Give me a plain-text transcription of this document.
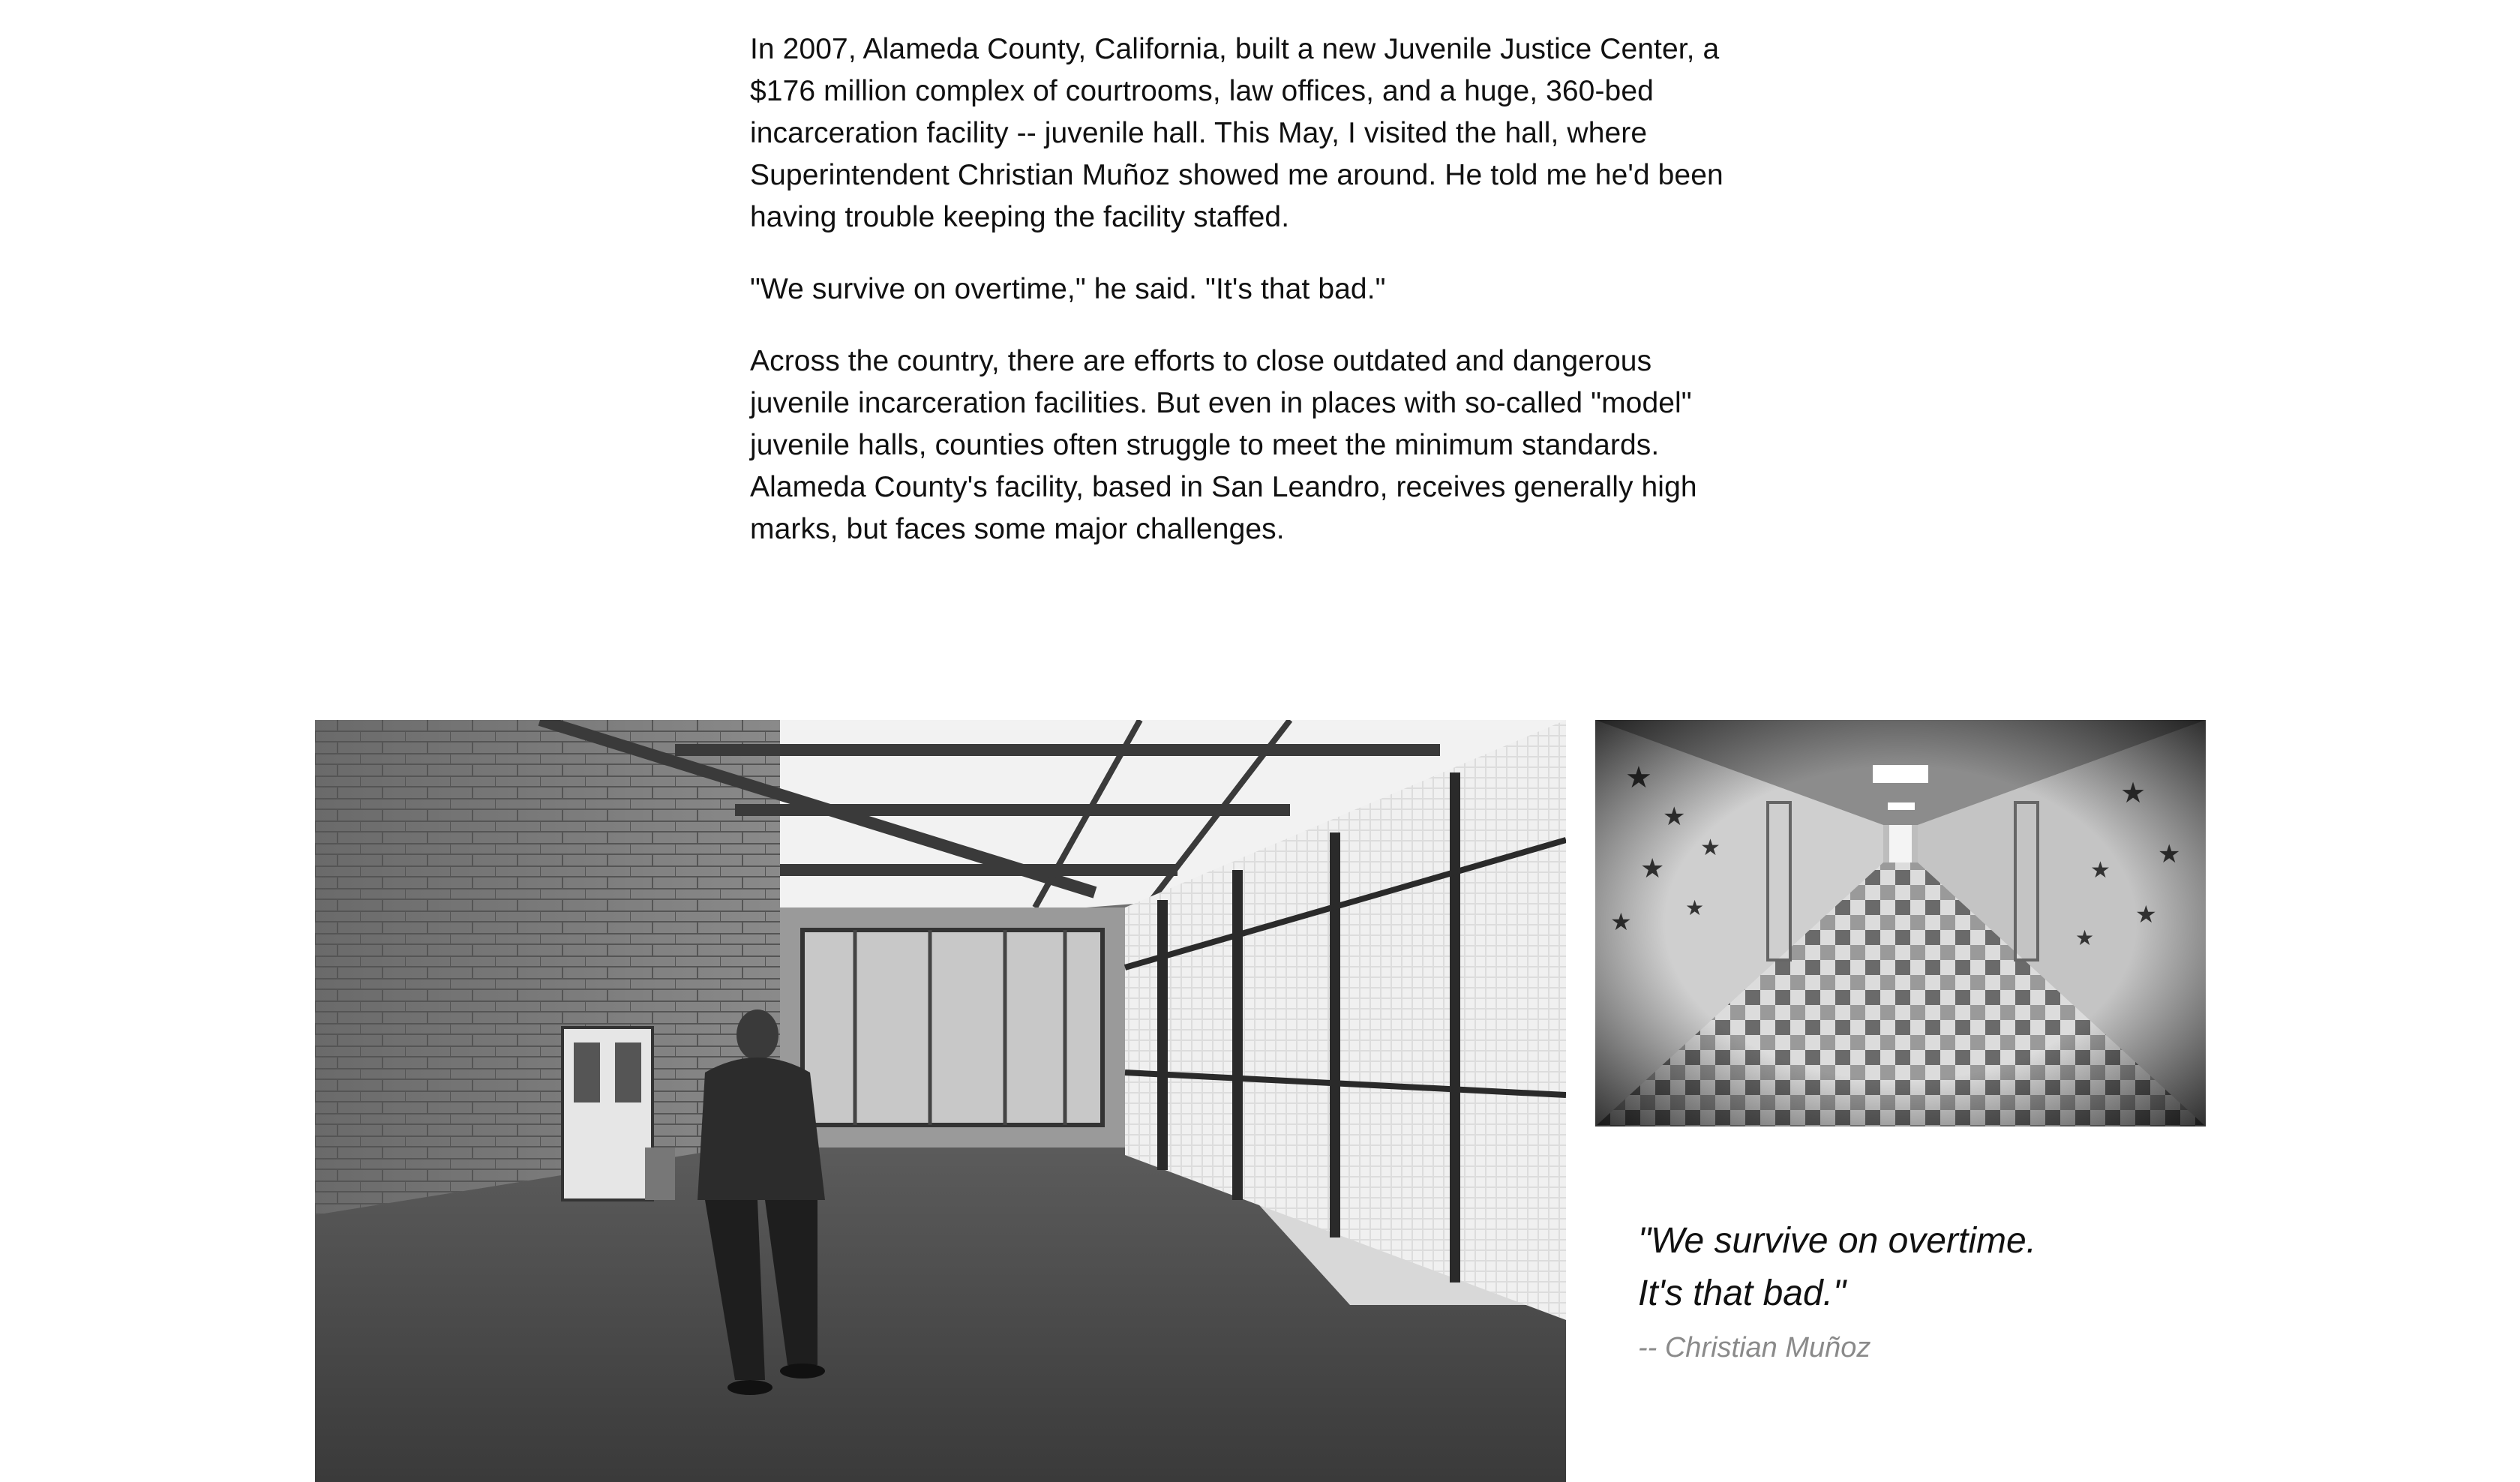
In 2007, Alameda County, California, built a new Juvenile Justice Center, a $176 million complex of courtrooms, law offices, and a huge, 360-bed incarceration facility -- juvenile hall. This May, I visited the hall, where Superintendent Christian Muñoz showed me around. He told me he'd been having trouble keeping the facility staffed.

"We survive on overtime," he said. "It's that bad."

Across the country, there are efforts to close outdated and dangerous juvenile incarceration facilities. But even in places with so-called "model" juvenile halls, counties often struggle to meet the minimum standards. Alameda County's facility, based in San Leandro, receives generally high marks, but faces some major challenges.

"We survive on overtime.
It's that bad."
-- Christian Muñoz
